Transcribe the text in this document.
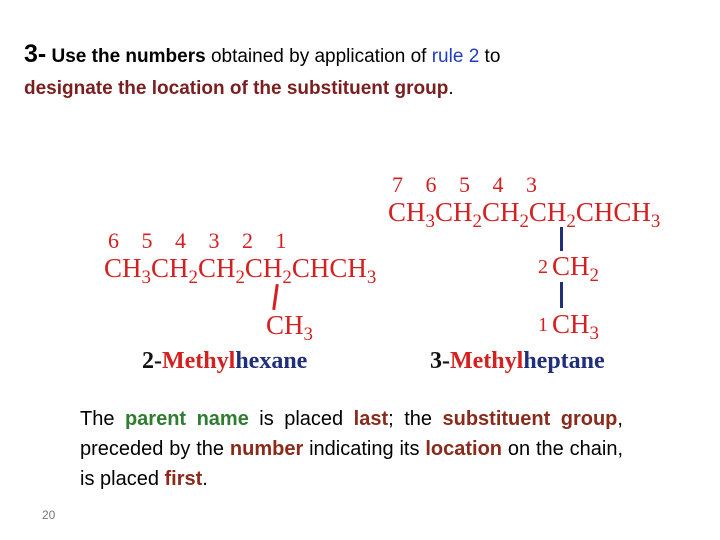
3- Use the numbers obtained by application of rule 2 to
designate the location of the substituent group.
6 5 4 3 2 1
$CH_3CH_2CH_2CH_2CHCH_3$
$CH_3$
2-Methylhexane
7 6 5 4 3
$CH_3CH_2CH_2CH_2CHCH_3$
2 $CH_2$
1 $CH_3$
3-Methylheptane
The parent name is placed last; the substituent group, preceded by the number indicating its location on the chain, is placed first.
20
